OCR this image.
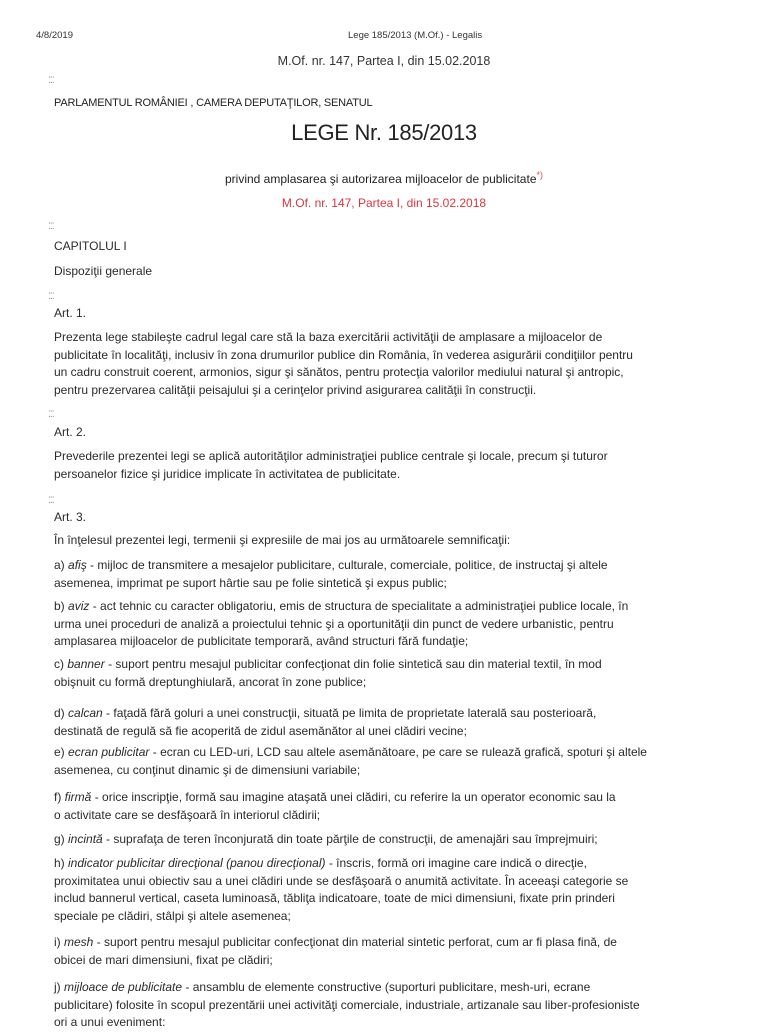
4/8/2019	Lege 185/2013 (M.Of.) - Legalis
M.Of. nr. 147, Partea I, din 15.02.2018
⁚⁚⁚
PARLAMENTUL ROMÂNIEI , CAMERA DEPUTAŢILOR, SENATUL
LEGE Nr. 185/2013
privind amplasarea şi autorizarea mijloacelor de publicitate*)
M.Of. nr. 147, Partea I, din 15.02.2018
⁚⁚⁚
CAPITOLUL I
Dispoziţii generale
⁚⁚⁚
Art. 1.

Prezenta lege stabileşte cadrul legal care stă la baza exercitării activităţii de amplasare a mijloacelor de

publicitate în localităţi, inclusiv în zona drumurilor publice din România, în vederea asigurării condiţiilor pentru

un cadru construit coerent, armonios, sigur şi sănătos, pentru protecţia valorilor mediului natural şi antropic,

pentru prezervarea calităţii peisajului şi a cerinţelor privind asigurarea calităţii în construcţii.

⁚⁚⁚
Art. 2.

Prevederile prezentei legi se aplică autorităţilor administraţiei publice centrale şi locale, precum şi tuturor

persoanelor fizice şi juridice implicate în activitatea de publicitate.

⁚⁚⁚
Art. 3.
În înţelesul prezentei legi, termenii şi expresiile de mai jos au următoarele semnificaţii:

a) afiş - mijloc de transmitere a mesajelor publicitare, culturale, comerciale, politice, de instructaj şi altele

asemenea, imprimat pe suport hârtie sau pe folie sintetică şi expus public;

b) aviz - act tehnic cu caracter obligatoriu, emis de structura de specialitate a administraţiei publice locale, în

urma unei proceduri de analiză a proiectului tehnic şi a oportunităţii din punct de vedere urbanistic, pentru

amplasarea mijloacelor de publicitate temporară, având structuri fără fundaţie;

c) banner - suport pentru mesajul publicitar confecţionat din folie sintetică sau din material textil, în mod

obişnuit cu formă dreptunghiulară, ancorat în zone publice;

d) calcan - faţadă fără goluri a unei construcţii, situată pe limita de proprietate laterală sau posterioară,

destinată de regulă să fie acoperită de zidul asemănător al unei clădiri vecine;

e) ecran publicitar - ecran cu LED-uri, LCD sau altele asemănătoare, pe care se rulează grafică, spoturi şi altele

asemenea, cu conţinut dinamic şi de dimensiuni variabile;

f) firmă - orice inscripţie, formă sau imagine ataşată unei clădiri, cu referire la un operator economic sau la

o activitate care se desfăşoară în interiorul clădirii;

g) incintă - suprafaţa de teren înconjurată din toate părţile de construcţii, de amenajări sau împrejmuiri;

h) indicator publicitar direcţional (panou direcţional) - înscris, formă ori imagine care indică o direcţie,

proximitatea unui obiectiv sau a unei clădiri unde se desfăşoară o anumită activitate. În aceeaşi categorie se

includ bannerul vertical, caseta luminoasă, tăbliţa indicatoare, toate de mici dimensiuni, fixate prin prinderi

speciale pe clădiri, stâlpi şi altele asemenea;

i) mesh - suport pentru mesajul publicitar confecţionat din material sintetic perforat, cum ar fi plasa fină, de

obicei de mari dimensiuni, fixat pe clădiri;

j) mijloace de publicitate - ansamblu de elemente constructive (suporturi publicitare, mesh-uri, ecrane

publicitare) folosite în scopul prezentării unei activităţi comerciale, industriale, artizanale sau liber-profesioniste

ori a unui eveniment:
